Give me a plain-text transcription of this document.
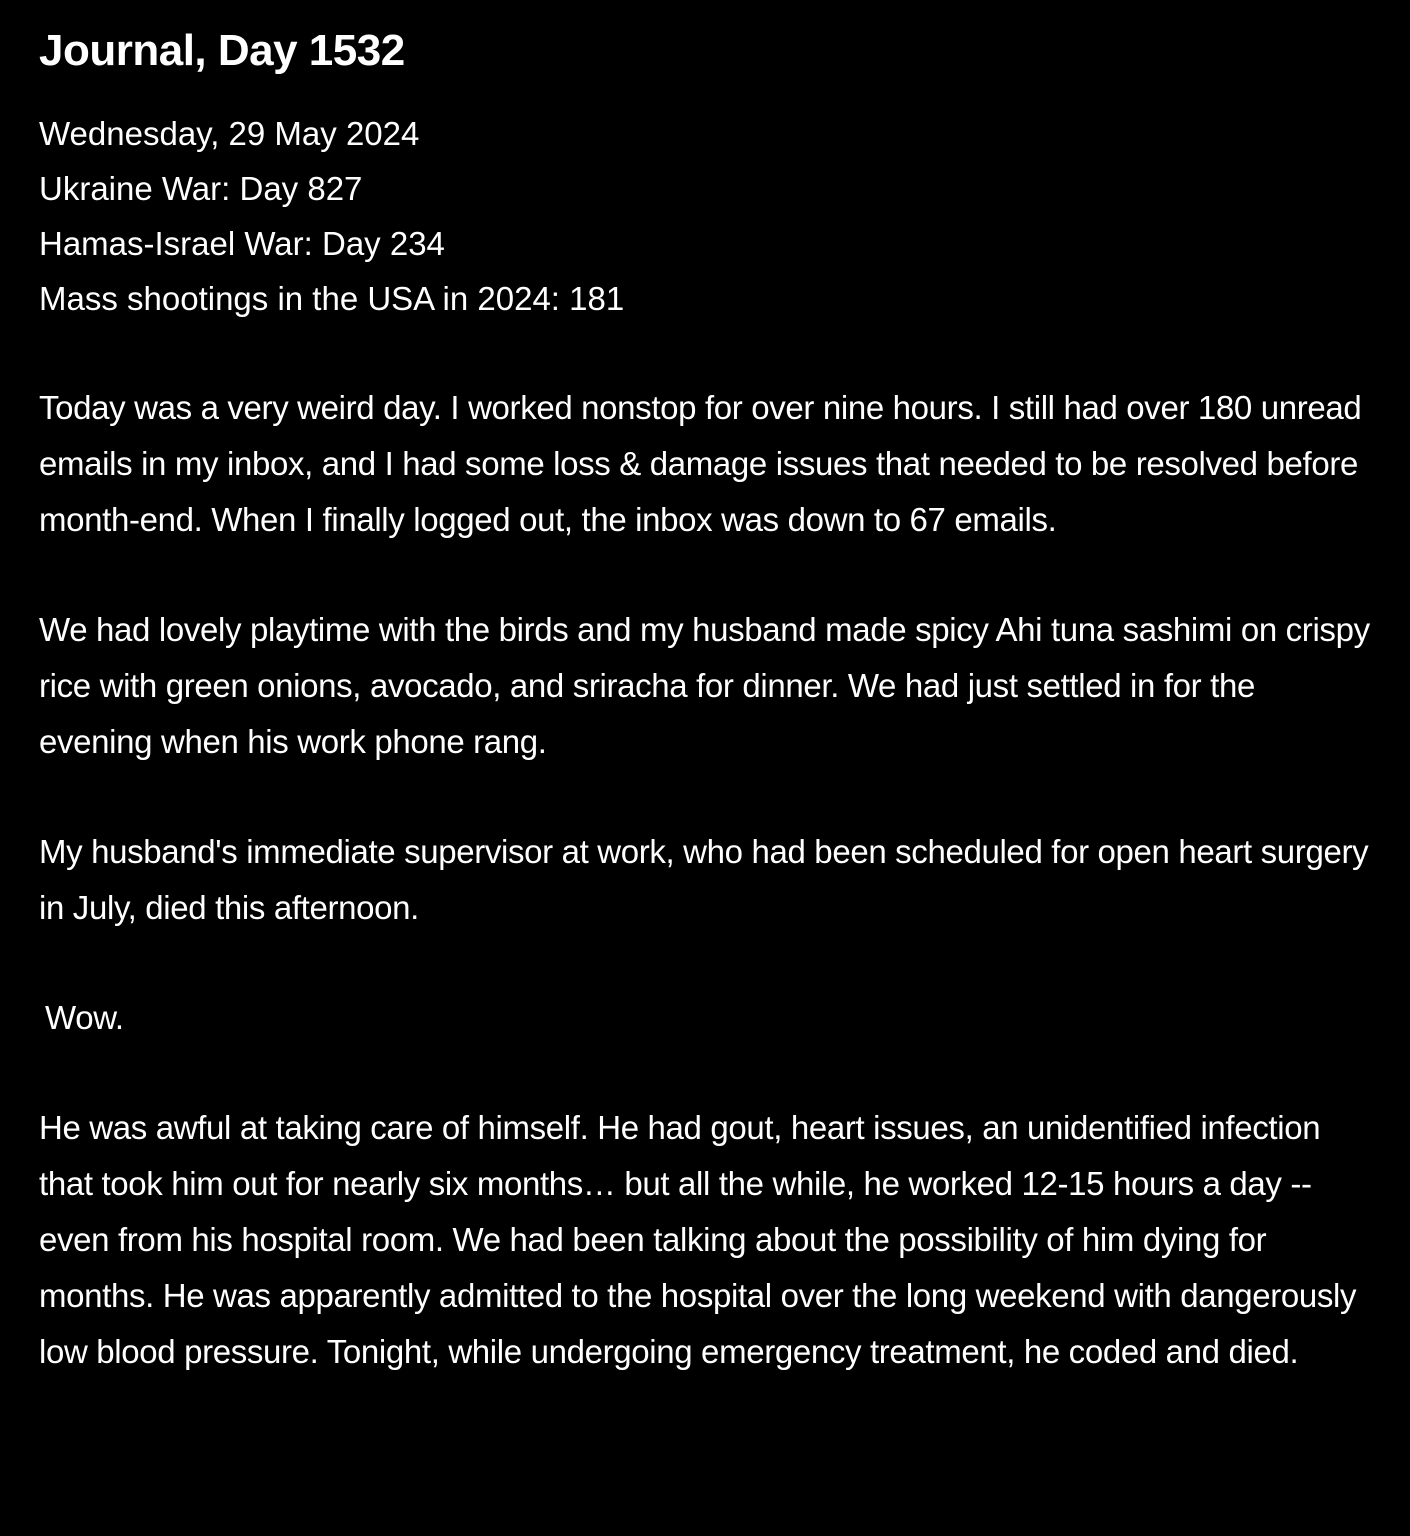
Journal, Day 1532
Wednesday, 29 May 2024
Ukraine War: Day 827
Hamas-Israel War: Day 234
Mass shootings in the USA in 2024: 181

Today was a very weird day. I worked nonstop for over nine hours. I still had over 180 unread emails in my inbox, and I had some loss & damage issues that needed to be resolved before month-end. When I finally logged out, the inbox was down to 67 emails.

We had lovely playtime with the birds and my husband made spicy Ahi tuna sashimi on crispy rice with green onions, avocado, and sriracha for dinner. We had just settled in for the evening when his work phone rang.

My husband's immediate supervisor at work, who had been scheduled for open heart surgery in July, died this afternoon.

Wow.

He was awful at taking care of himself. He had gout, heart issues, an unidentified infection that took him out for nearly six months… but all the while, he worked 12-15 hours a day -- even from his hospital room. We had been talking about the possibility of him dying for months. He was apparently admitted to the hospital over the long weekend with dangerously low blood pressure. Tonight, while undergoing emergency treatment, he coded and died.
